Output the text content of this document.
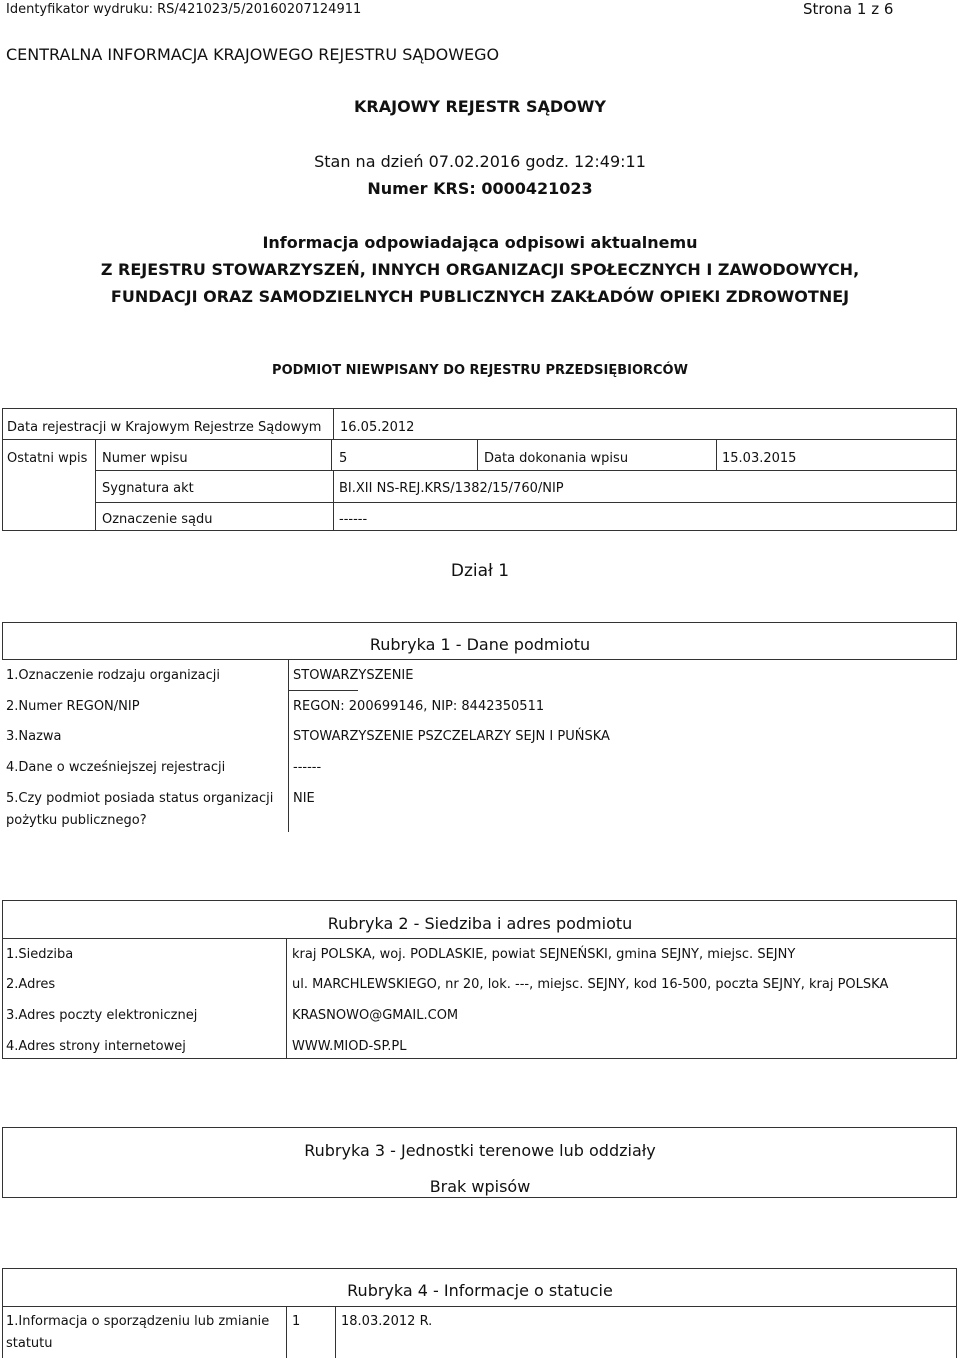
Identyfikator wydruku: RS/421023/5/20160207124911	Strona 1 z 6
CENTRALNA INFORMACJA KRAJOWEGO REJESTRU SĄDOWEGO
KRAJOWY REJESTR SĄDOWY
Stan na dzień 07.02.2016 godz. 12:49:11
Numer KRS: 0000421023
Informacja odpowiadająca odpisowi aktualnemu
Z REJESTRU STOWARZYSZEŃ, INNYCH ORGANIZACJI SPOŁECZNYCH I ZAWODOWYCH,
FUNDACJI ORAZ SAMODZIELNYCH PUBLICZNYCH ZAKŁADÓW OPIEKI ZDROWOTNEJ
PODMIOT NIEWPISANY DO REJESTRU PRZEDSIĘBIORCÓW
Data rejestracji w Krajowym Rejestrze Sądowym 16.05.2012
Ostatni wpis Numer wpisu	5	Data dokonania wpisu	15.03.2015
Sygnatura akt	BI.XII NS-REJ.KRS/1382/15/760/NIP
Oznaczenie sądu	------
Dział 1
Rubryka 1 - Dane podmiotu
1.Oznaczenie rodzaju organizacji	STOWARZYSZENIE
2.Numer REGON/NIP	REGON: 200699146, NIP: 8442350511
3.Nazwa	STOWARZYSZENIE PSZCZELARZY SEJN I PUŃSKA
4.Dane o wcześniejszej rejestracji	------
5.Czy podmiot posiada status organizacji
pożytku publicznego?
NIE
Rubryka 2 - Siedziba i adres podmiotu
1.Siedziba	kraj POLSKA, woj. PODLASKIE, powiat SEJNEŃSKI, gmina SEJNY, miejsc. SEJNY
2.Adres	ul. MARCHLEWSKIEGO, nr 20, lok. ---, miejsc. SEJNY, kod 16-500, poczta SEJNY, kraj POLSKA
3.Adres poczty elektronicznej	KRASNOWO@GMAIL.COM
4.Adres strony internetowej	WWW.MIOD-SP.PL
Rubryka 3 - Jednostki terenowe lub oddziały
Brak wpisów
Rubryka 4 - Informacje o statucie
1.Informacja o sporządzeniu lub zmianie
statutu
1	18.03.2012 R.
